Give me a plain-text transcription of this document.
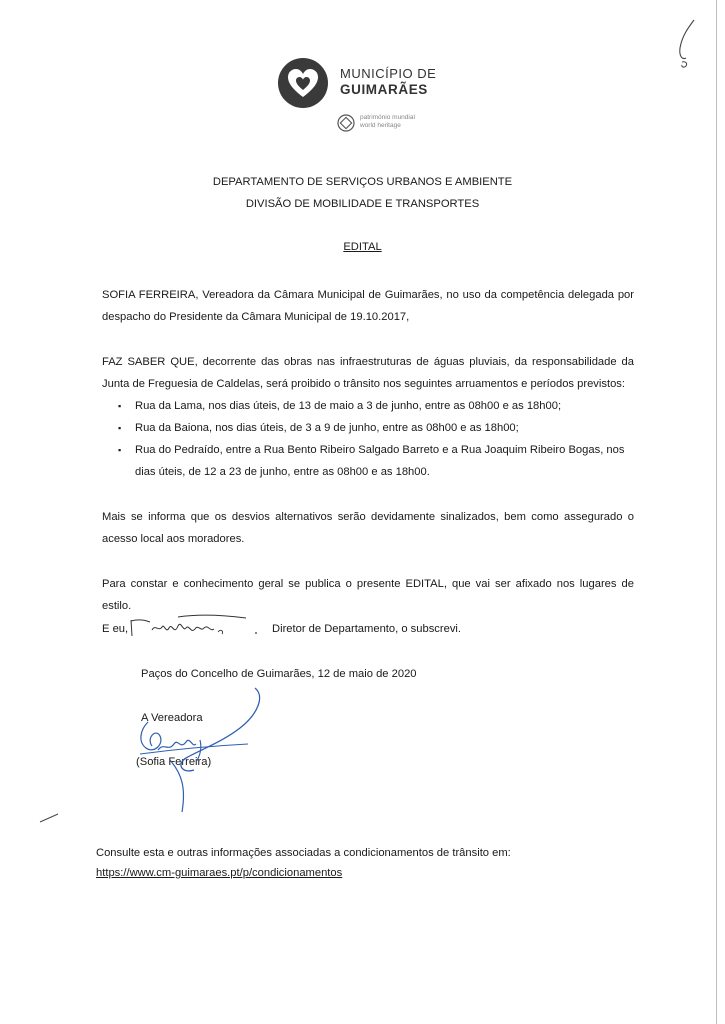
MUNICÍPIO DE
GUIMARÃES
património mundial
world heritage
DEPARTAMENTO DE SERVIÇOS URBANOS E AMBIENTE
DIVISÃO DE MOBILIDADE E TRANSPORTES
EDITAL
SOFIA FERREIRA, Vereadora da Câmara Municipal de Guimarães, no uso da competência delegada por despacho do Presidente da Câmara Municipal de 19.10.2017,
FAZ SABER QUE, decorrente das obras nas infraestruturas de águas pluviais, da responsabilidade da Junta de Freguesia de Caldelas, será proibido o trânsito nos seguintes arruamentos e períodos previstos:
▪ Rua da Lama, nos dias úteis, de 13 de maio a 3 de junho, entre as 08h00 e as 18h00;
▪ Rua da Baiona, nos dias úteis, de 3 a 9 de junho, entre as 08h00 e as 18h00;
▪ Rua do Pedraído, entre a Rua Bento Ribeiro Salgado Barreto e a Rua Joaquim Ribeiro Bogas, nos dias úteis, de 12 a 23 de junho, entre as 08h00 e as 18h00.
Mais se informa que os desvios alternativos serão devidamente sinalizados, bem como assegurado o acesso local aos moradores.
Para constar e conhecimento geral se publica o presente EDITAL, que vai ser afixado nos lugares de estilo.
E eu,	Diretor de Departamento, o subscrevi.
Paços do Concelho de Guimarães, 12 de maio de 2020
A Vereadora
(Sofia Ferreira)
Consulte esta e outras informações associadas a condicionamentos de trânsito em:
https://www.cm-guimaraes.pt/p/condicionamentos
